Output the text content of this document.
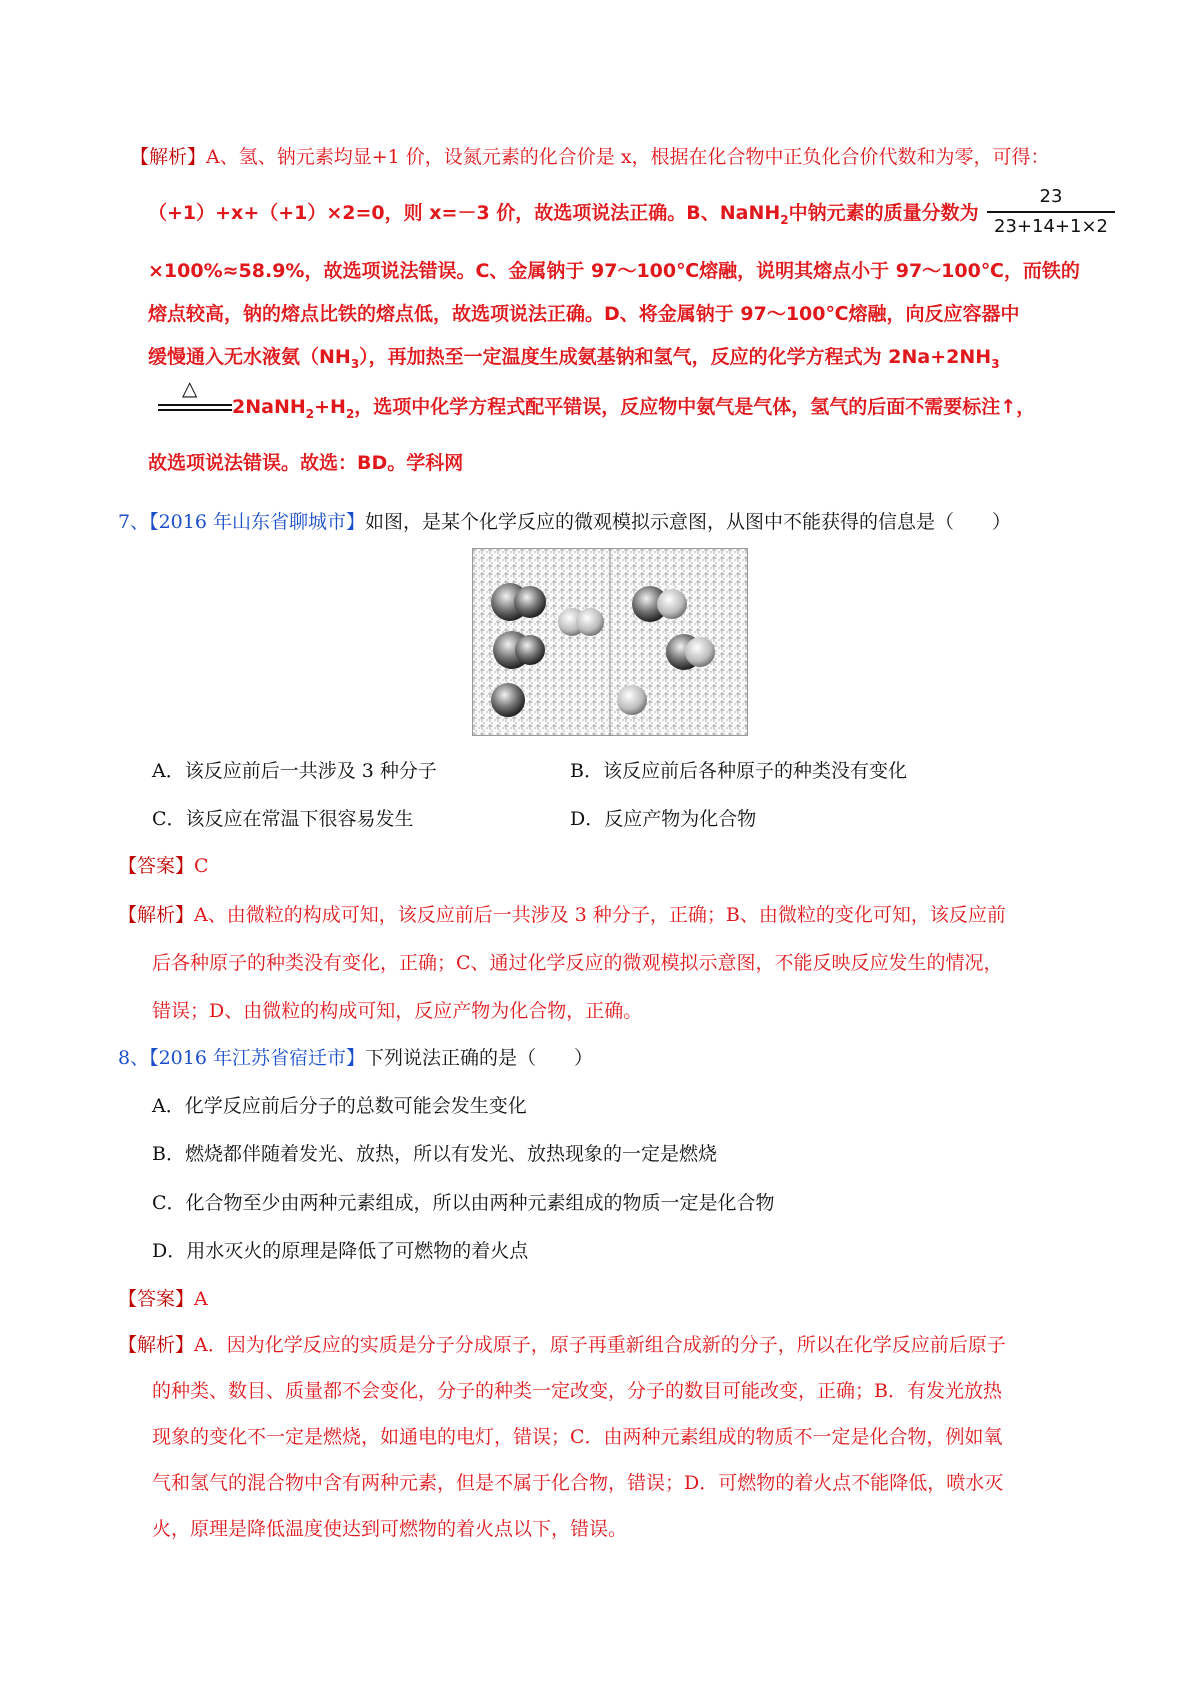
【解析】A、氢、钠元素均显+1 价，设氮元素的化合价是 x，根据在化合物中正负化合价代数和为零，可得：
（+1）+x+（+1）×2=0，则 x=－3 价，故选项说法正确。B、NaNH$_2$中钠元素的质量分数为
23
23+14+1×2
×100%≈58.9%，故选项说法错误。C、金属钠于 97～100℃熔融，说明其熔点小于 97～100℃，而铁的
熔点较高，钠的熔点比铁的熔点低，故选项说法正确。D、将金属钠于 97～100℃熔融，向反应容器中
缓慢通入无水液氨$(NH_3)$，再加热至一定温度生成氨基钠和氢气，反应的化学方程式为 $2Na+2NH_3$
△
$2NaNH_2+H_2$，选项中化学方程式配平错误，反应物中氨气是气体，氢气的后面不需要标注↑，
故选项说法错误。故选：BD。学科网
7、【2016 年山东省聊城市】如图，是某个化学反应的微观模拟示意图，从图中不能获得的信息是（　　）
A．该反应前后一共涉及 3 种分子	B．该反应前后各种原子的种类没有变化
C．该反应在常温下很容易发生	D．反应产物为化合物
【答案】C
【解析】A、由微粒的构成可知，该反应前后一共涉及 3 种分子，正确；B、由微粒的变化可知，该反应前
后各种原子的种类没有变化，正确；C、通过化学反应的微观模拟示意图，不能反映反应发生的情况，
错误；D、由微粒的构成可知，反应产物为化合物，正确。
8、【2016 年江苏省宿迁市】下列说法正确的是（　　）
A．化学反应前后分子的总数可能会发生变化
B．燃烧都伴随着发光、放热，所以有发光、放热现象的一定是燃烧
C．化合物至少由两种元素组成，所以由两种元素组成的物质一定是化合物
D．用水灭火的原理是降低了可燃物的着火点
【答案】A
【解析】A．因为化学反应的实质是分子分成原子，原子再重新组合成新的分子，所以在化学反应前后原子
的种类、数目、质量都不会变化，分子的种类一定改变，分子的数目可能改变，正确；B．有发光放热
现象的变化不一定是燃烧，如通电的电灯，错误；C．由两种元素组成的物质不一定是化合物，例如氧
气和氢气的混合物中含有两种元素，但是不属于化合物，错误；D．可燃物的着火点不能降低，喷水灭
火，原理是降低温度使达到可燃物的着火点以下，错误。
